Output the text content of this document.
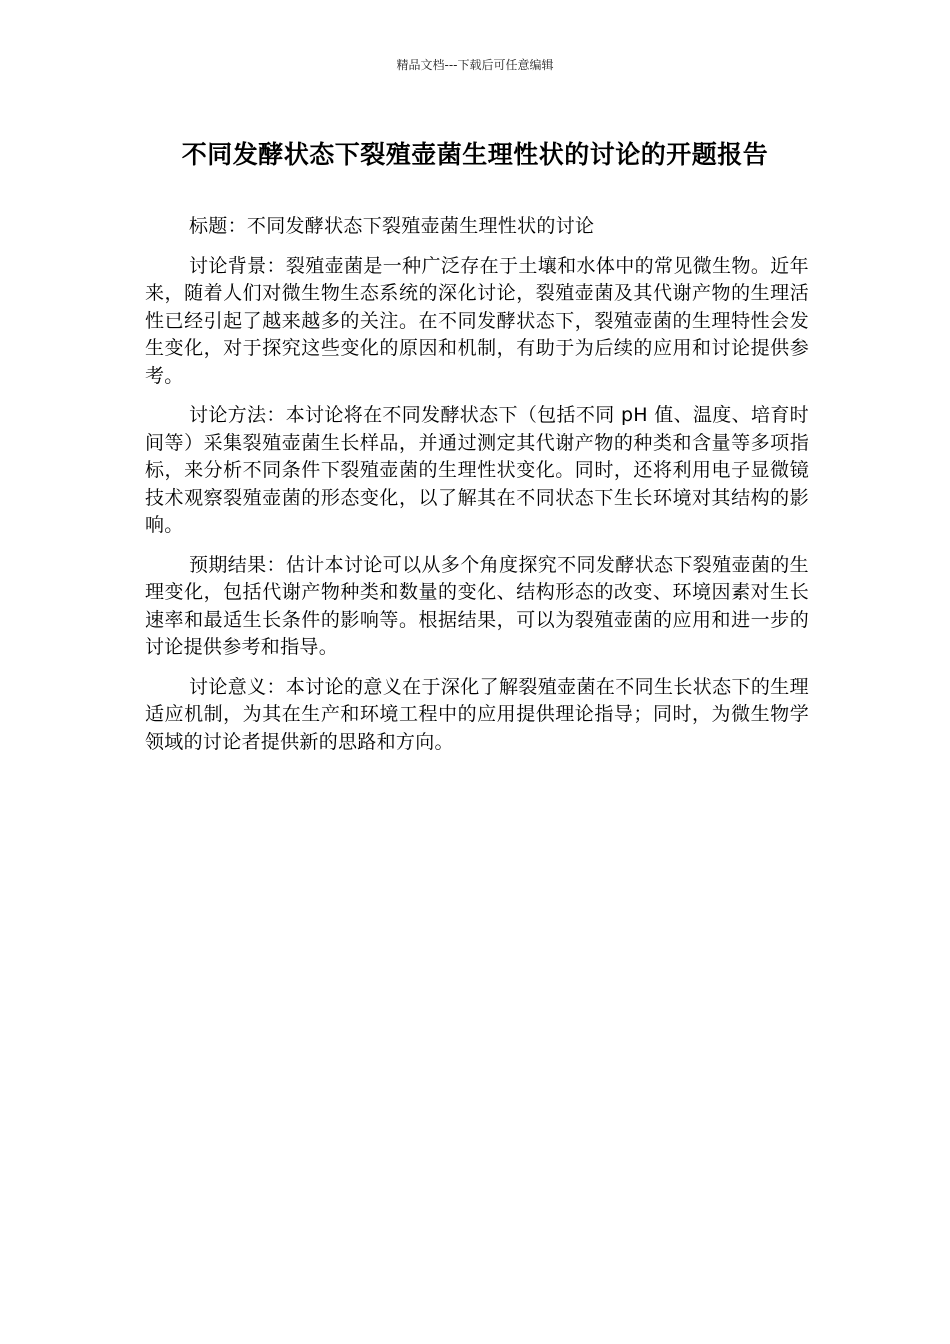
精品文档---下载后可任意编辑
不同发酵状态下裂殖壶菌生理性状的讨论的开题报告

标题：不同发酵状态下裂殖壶菌生理性状的讨论

讨论背景：裂殖壶菌是一种广泛存在于土壤和水体中的常见微生物。近年来，随着人们对微生物生态系统的深化讨论，裂殖壶菌及其代谢产物的生理活性已经引起了越来越多的关注。在不同发酵状态下，裂殖壶菌的生理特性会发生变化，对于探究这些变化的原因和机制，有助于为后续的应用和讨论提供参考。

讨论方法：本讨论将在不同发酵状态下（包括不同 pH 值、温度、培育时间等）采集裂殖壶菌生长样品，并通过测定其代谢产物的种类和含量等多项指标，来分析不同条件下裂殖壶菌的生理性状变化。同时，还将利用电子显微镜技术观察裂殖壶菌的形态变化，以了解其在不同状态下生长环境对其结构的影响。

预期结果：估计本讨论可以从多个角度探究不同发酵状态下裂殖壶菌的生理变化，包括代谢产物种类和数量的变化、结构形态的改变、环境因素对生长速率和最适生长条件的影响等。根据结果，可以为裂殖壶菌的应用和进一步的讨论提供参考和指导。

讨论意义：本讨论的意义在于深化了解裂殖壶菌在不同生长状态下的生理适应机制，为其在生产和环境工程中的应用提供理论指导；同时，为微生物学领域的讨论者提供新的思路和方向。
